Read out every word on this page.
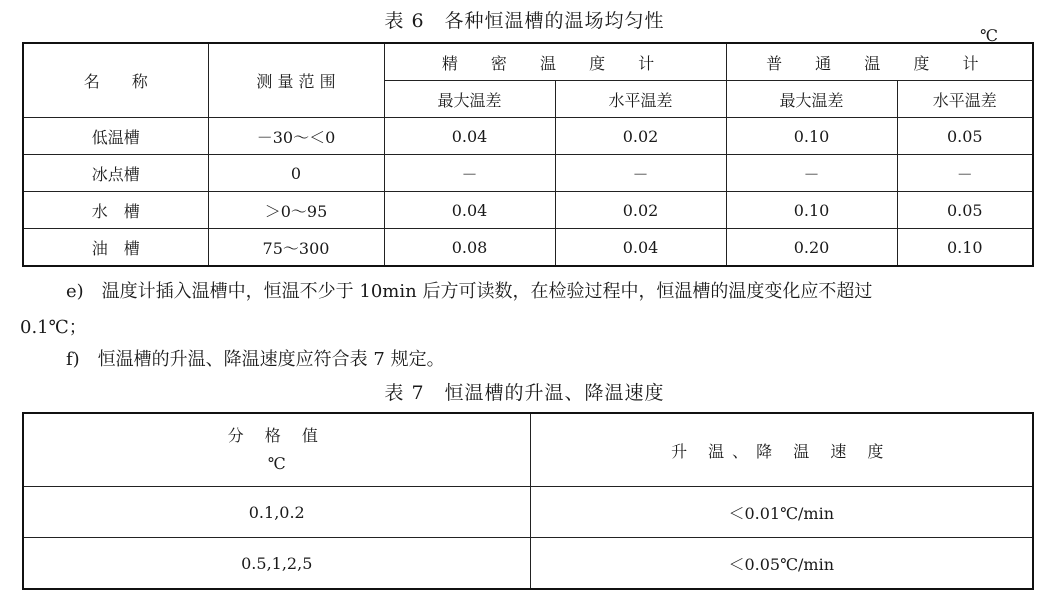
表 6　各种恒温槽的温场均匀性
℃
名　　称	测 量 范 围	精 密 温 度 计		普 通 温 度 计	
		最大温差	水平温差	最大温差	水平温差
低温槽	－30～＜0	0.04	0.02	0.10	0.05
冰点槽	0	－	－	－	－
水　槽	＞0～95	0.04	0.02	0.10	0.05
油　槽	75～300	0.08	0.04	0.20	0.10
e)　温度计插入温槽中，恒温不少于 10min 后方可读数，在检验过程中，恒温槽的温度变化应不超过
0.1℃；
f)　恒温槽的升温、降温速度应符合表 7 规定。
表 7　恒温槽的升温、降温速度
分 格 值
℃	升 温、降 温 速 度
0.1,0.2	＜0.01℃/min
0.5,1,2,5	＜0.05℃/min
